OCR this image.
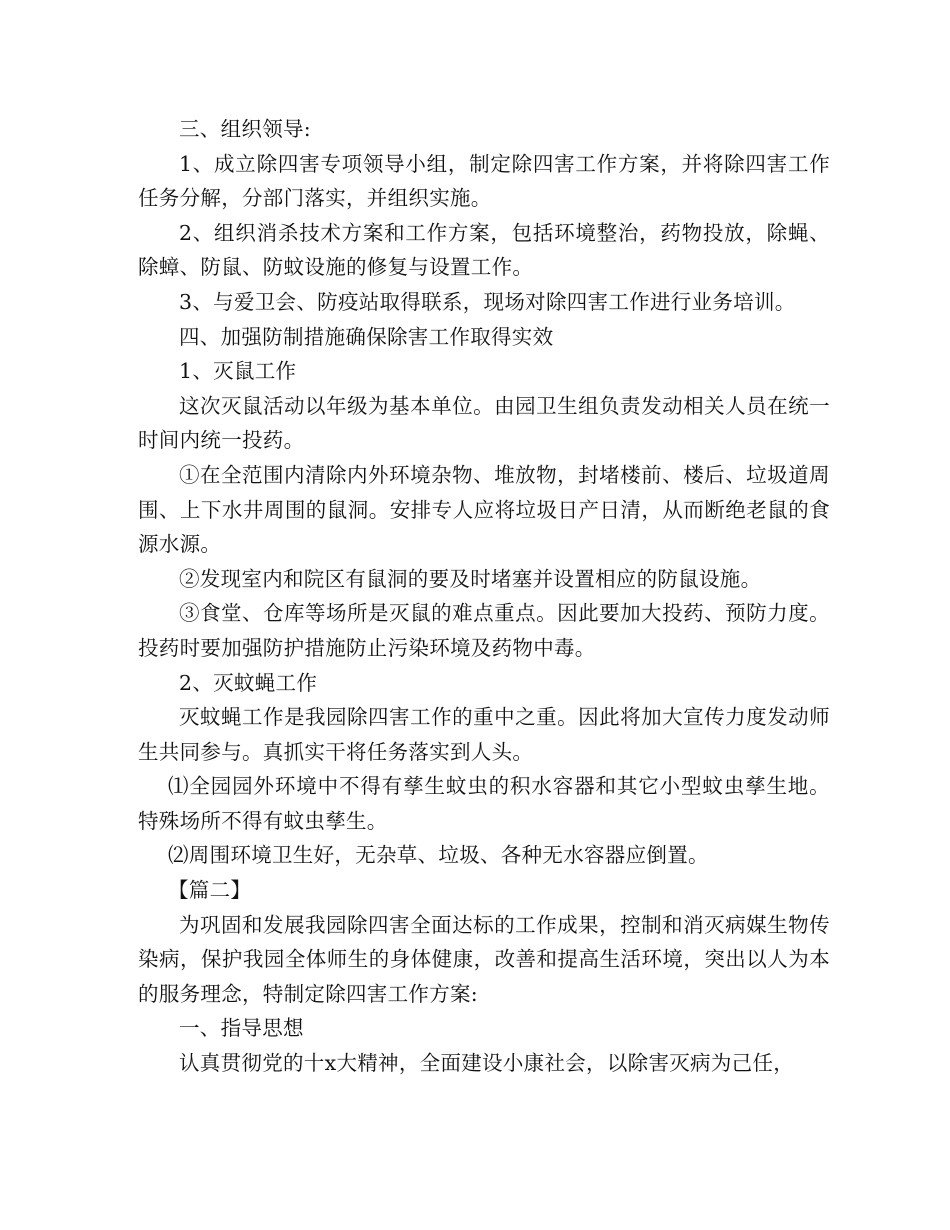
三、组织领导:

1、成立除四害专项领导小组，制定除四害工作方案，并将除四害工作任务分解，分部门落实，并组织实施。

2、组织消杀技术方案和工作方案，包括环境整治，药物投放，除蝇、除蟑、防鼠、防蚊设施的修复与设置工作。

3、与爱卫会、防疫站取得联系，现场对除四害工作进行业务培训。

四、加强防制措施确保除害工作取得实效

1、灭鼠工作

这次灭鼠活动以年级为基本单位。由园卫生组负责发动相关人员在统一时间内统一投药。

①在全范围内清除内外环境杂物、堆放物，封堵楼前、楼后、垃圾道周围、上下水井周围的鼠洞。安排专人应将垃圾日产日清，从而断绝老鼠的食源水源。

②发现室内和院区有鼠洞的要及时堵塞并设置相应的防鼠设施。

③食堂、仓库等场所是灭鼠的难点重点。因此要加大投药、预防力度。投药时要加强防护措施防止污染环境及药物中毒。

2、灭蚊蝇工作

灭蚊蝇工作是我园除四害工作的重中之重。因此将加大宣传力度发动师生共同参与。真抓实干将任务落实到人头。

⑴全园园外环境中不得有孳生蚊虫的积水容器和其它小型蚊虫孳生地。特殊场所不得有蚊虫孳生。

⑵周围环境卫生好，无杂草、垃圾、各种无水容器应倒置。

【篇二】

为巩固和发展我园除四害全面达标的工作成果，控制和消灭病媒生物传染病，保护我园全体师生的身体健康，改善和提高生活环境，突出以人为本的服务理念，特制定除四害工作方案:

一、指导思想

认真贯彻党的十x大精神，全面建设小康社会，以除害灭病为己任，
